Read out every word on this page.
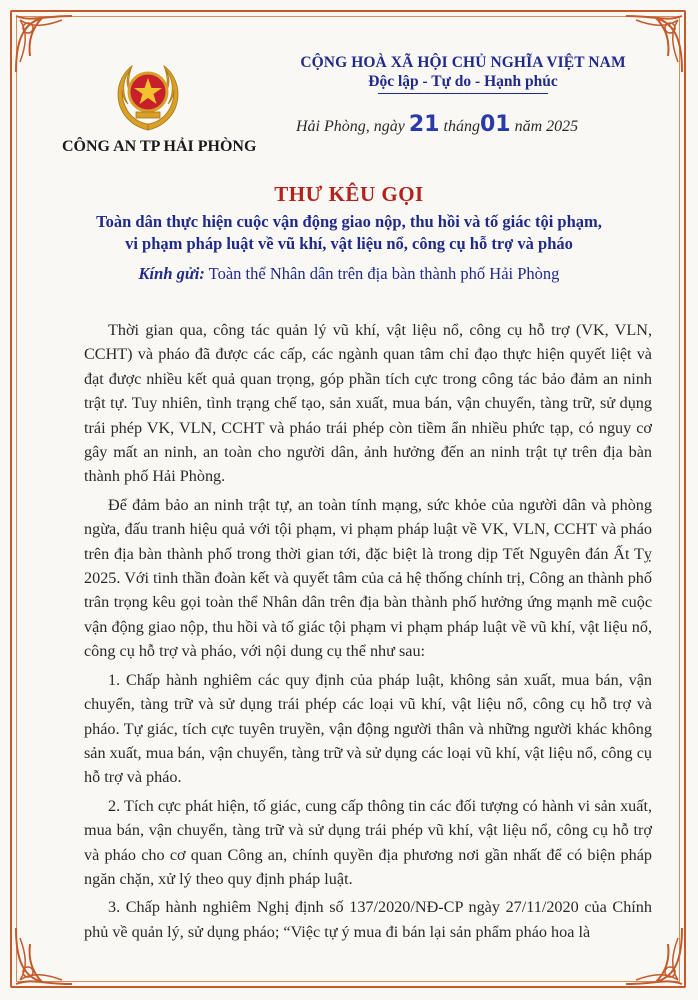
CÔNG AN TP HẢI PHÒNG
CỘNG HOÀ XÃ HỘI CHỦ NGHĨA VIỆT NAM
Độc lập - Tự do - Hạnh phúc
Hải Phòng, ngày 21 tháng01 năm 2025
THƯ KÊU GỌI
Toàn dân thực hiện cuộc vận động giao nộp, thu hồi và tố giác tội phạm,
vi phạm pháp luật về vũ khí, vật liệu nổ, công cụ hỗ trợ và pháo
Kính gửi: Toàn thể Nhân dân trên địa bàn thành phố Hải Phòng

Thời gian qua, công tác quản lý vũ khí, vật liệu nổ, công cụ hỗ trợ (VK, VLN, CCHT) và pháo đã được các cấp, các ngành quan tâm chỉ đạo thực hiện quyết liệt và đạt được nhiều kết quả quan trọng, góp phần tích cực trong công tác bảo đảm an ninh trật tự. Tuy nhiên, tình trạng chế tạo, sản xuất, mua bán, vận chuyển, tàng trữ, sử dụng trái phép VK, VLN, CCHT và pháo trái phép còn tiềm ẩn nhiều phức tạp, có nguy cơ gây mất an ninh, an toàn cho người dân, ảnh hưởng đến an ninh trật tự trên địa bàn thành phố Hải Phòng.

Để đảm bảo an ninh trật tự, an toàn tính mạng, sức khỏe của người dân và phòng ngừa, đấu tranh hiệu quả với tội phạm, vi phạm pháp luật về VK, VLN, CCHT và pháo trên địa bàn thành phố trong thời gian tới, đặc biệt là trong dịp Tết Nguyên đán Ất Tỵ 2025. Với tinh thần đoàn kết và quyết tâm của cả hệ thống chính trị, Công an thành phố trân trọng kêu gọi toàn thể Nhân dân trên địa bàn thành phố hưởng ứng mạnh mẽ cuộc vận động giao nộp, thu hồi và tố giác tội phạm vi phạm pháp luật về vũ khí, vật liệu nổ, công cụ hỗ trợ và pháo, với nội dung cụ thể như sau:

1. Chấp hành nghiêm các quy định của pháp luật, không sản xuất, mua bán, vận chuyển, tàng trữ và sử dụng trái phép các loại vũ khí, vật liệu nổ, công cụ hỗ trợ và pháo. Tự giác, tích cực tuyên truyền, vận động người thân và những người khác không sản xuất, mua bán, vận chuyển, tàng trữ và sử dụng các loại vũ khí, vật liệu nổ, công cụ hỗ trợ và pháo.

2. Tích cực phát hiện, tố giác, cung cấp thông tin các đối tượng có hành vi sản xuất, mua bán, vận chuyển, tàng trữ và sử dụng trái phép vũ khí, vật liệu nổ, công cụ hỗ trợ và pháo cho cơ quan Công an, chính quyền địa phương nơi gần nhất để có biện pháp ngăn chặn, xử lý theo quy định pháp luật.

3. Chấp hành nghiêm Nghị định số 137/2020/NĐ-CP ngày 27/11/2020 của Chính phủ về quản lý, sử dụng pháo; “Việc tự ý mua đi bán lại sản phẩm pháo hoa là
